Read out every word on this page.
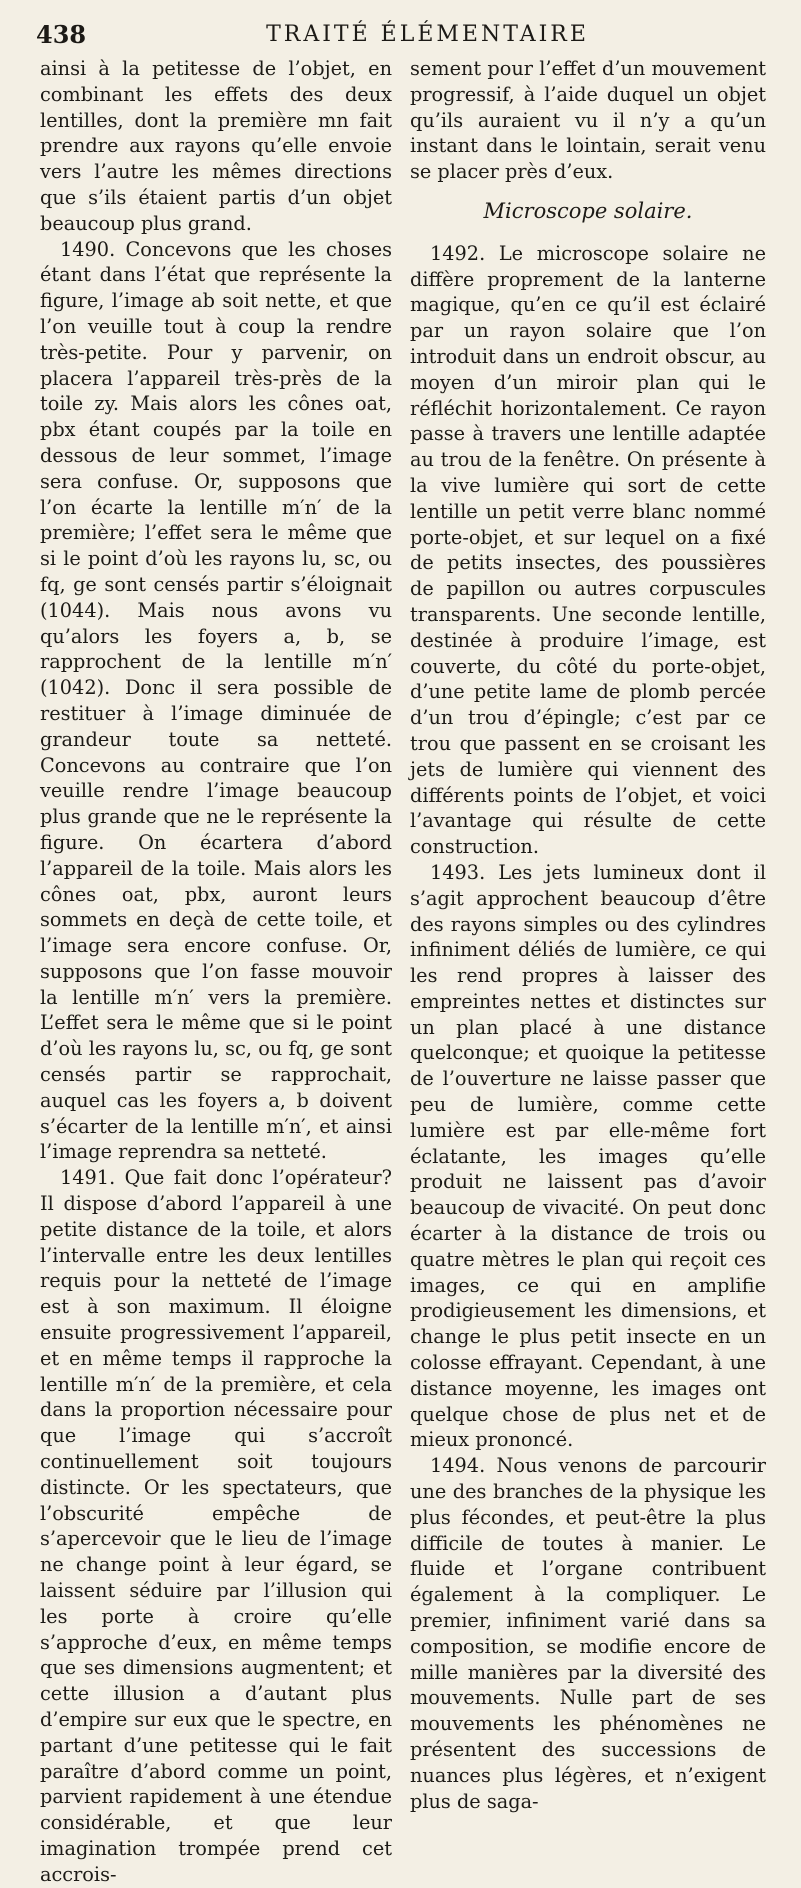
438	TRAITÉ ÉLÉMENTAIRE

ainsi à la petitesse de l’objet, en combinant les effets des deux lentilles, dont la première mn fait prendre aux rayons qu’elle envoie vers l’autre les mêmes directions que s’ils étaient partis d’un objet beaucoup plus grand.

1490. Concevons que les choses étant dans l’état que représente la figure, l’image ab soit nette, et que l’on veuille tout à coup la rendre très-petite. Pour y parvenir, on placera l’appareil très-près de la toile zy. Mais alors les cônes oat, pbx étant coupés par la toile en dessous de leur sommet, l’image sera confuse. Or, supposons que l’on écarte la lentille m′n′ de la première; l’effet sera le même que si le point d’où les rayons lu, sc, ou fq, ge sont censés partir s’éloignait (1044). Mais nous avons vu qu’alors les foyers a, b, se rapprochent de la lentille m′n′ (1042). Donc il sera possible de restituer à l’image diminuée de grandeur toute sa netteté. Concevons au contraire que l’on veuille rendre l’image beaucoup plus grande que ne le représente la figure. On écartera d’abord l’appareil de la toile. Mais alors les cônes oat, pbx, auront leurs sommets en deçà de cette toile, et l’image sera encore confuse. Or, supposons que l’on fasse mouvoir la lentille m′n′ vers la première. L’effet sera le même que si le point d’où les rayons lu, sc, ou fq, ge sont censés partir se rapprochait, auquel cas les foyers a, b doivent s’écarter de la lentille m′n′, et ainsi l’image reprendra sa netteté.

1491. Que fait donc l’opérateur? Il dispose d’abord l’appareil à une petite distance de la toile, et alors l’intervalle entre les deux lentilles requis pour la netteté de l’image est à son maximum. Il éloigne ensuite progressivement l’appareil, et en même temps il rapproche la lentille m′n′ de la première, et cela dans la proportion nécessaire pour que l’image qui s’accroît continuellement soit toujours distincte. Or les spectateurs, que l’obscurité empêche de s’apercevoir que le lieu de l’image ne change point à leur égard, se laissent séduire par l’illusion qui les porte à croire qu’elle s’approche d’eux, en même temps que ses dimensions augmentent; et cette illusion a d’autant plus d’empire sur eux que le spectre, en partant d’une petitesse qui le fait paraître d’abord comme un point, parvient rapidement à une étendue considérable, et que leur imagination trompée prend cet accrois-

sement pour l’effet d’un mouvement progressif, à l’aide duquel un objet qu’ils auraient vu il n’y a qu’un instant dans le lointain, serait venu se placer près d’eux.

Microscope solaire.

1492. Le microscope solaire ne diffère proprement de la lanterne magique, qu’en ce qu’il est éclairé par un rayon solaire que l’on introduit dans un endroit obscur, au moyen d’un miroir plan qui le réfléchit horizontalement. Ce rayon passe à travers une lentille adaptée au trou de la fenêtre. On présente à la vive lumière qui sort de cette lentille un petit verre blanc nommé porte-objet, et sur lequel on a fixé de petits insectes, des poussières de papillon ou autres corpuscules transparents. Une seconde lentille, destinée à produire l’image, est couverte, du côté du porte-objet, d’une petite lame de plomb percée d’un trou d’épingle; c’est par ce trou que passent en se croisant les jets de lumière qui viennent des différents points de l’objet, et voici l’avantage qui résulte de cette construction.

1493. Les jets lumineux dont il s’agit approchent beaucoup d’être des rayons simples ou des cylindres infiniment déliés de lumière, ce qui les rend propres à laisser des empreintes nettes et distinctes sur un plan placé à une distance quelconque; et quoique la petitesse de l’ouverture ne laisse passer que peu de lumière, comme cette lumière est par elle-même fort éclatante, les images qu’elle produit ne laissent pas d’avoir beaucoup de vivacité. On peut donc écarter à la distance de trois ou quatre mètres le plan qui reçoit ces images, ce qui en amplifie prodigieusement les dimensions, et change le plus petit insecte en un colosse effrayant. Cependant, à une distance moyenne, les images ont quelque chose de plus net et de mieux prononcé.

1494. Nous venons de parcourir une des branches de la physique les plus fécondes, et peut-être la plus difficile de toutes à manier. Le fluide et l’organe contribuent également à la compliquer. Le premier, infiniment varié dans sa composition, se modifie encore de mille manières par la diversité des mouvements. Nulle part de ses mouvements les phénomènes ne présentent des successions de nuances plus légères, et n’exigent plus de saga-
